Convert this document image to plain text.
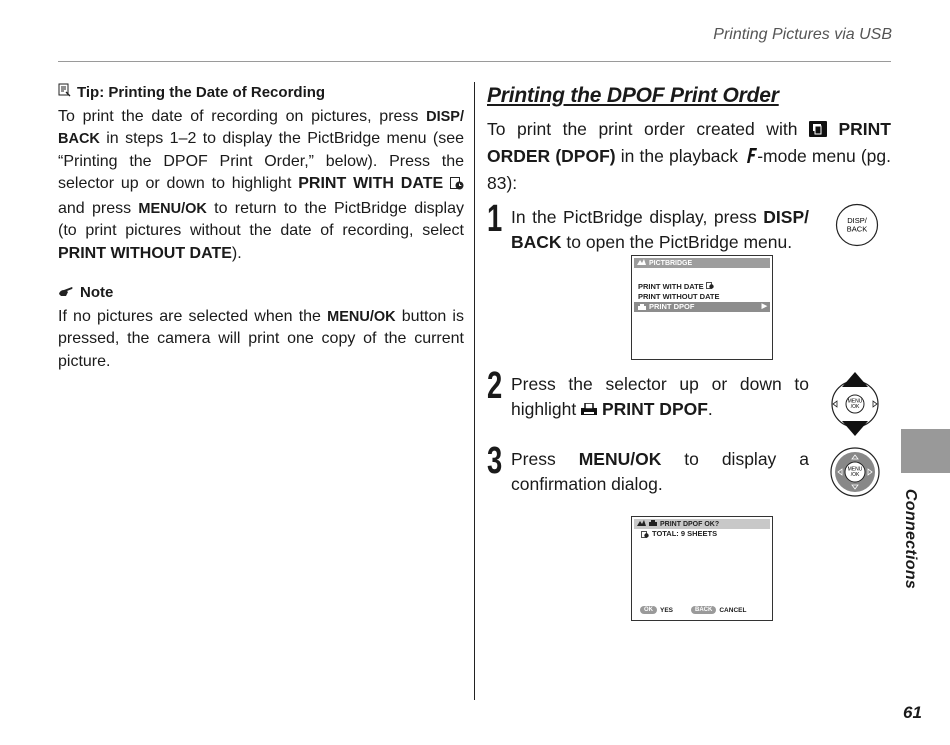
Printing Pictures via USB
Tip: Printing the Date of Recording

To print the date of recording on pictures, press DISP/ BACK in steps 1–2 to display the PictBridge menu (see “Printing the DPOF Print Order,” below). Press the selector up or down to highlight PRINT WITH DATE  and press MENU/OK to return to the PictBridge display (to print pictures without the date of recording, select PRINT WITHOUT DATE).

Note

If no pictures are selected when the MENU/OK button is pressed, the camera will print one copy of the current picture.

Printing the DPOF Print Order

To print the print order created with  PRINT ORDER (DPOF) in the playback -mode menu (pg. 83):

1 In the PictBridge display, press DISP/ BACK to open the PictBridge menu.
DISP/
BACK
PICTBRIDGE
PRINT WITH DATE
PRINT WITHOUT DATE
PRINT DPOF	▶
2 Press the selector up or down to highlight  PRINT DPOF.	MENU
/OK
3 Press MENU/OK to display a confirmation dialog.
MENU
/OK
PRINT DPOF OK?
TOTAL: 9 SHEETS
OK	YES	BACK	CANCEL
Connections
61
